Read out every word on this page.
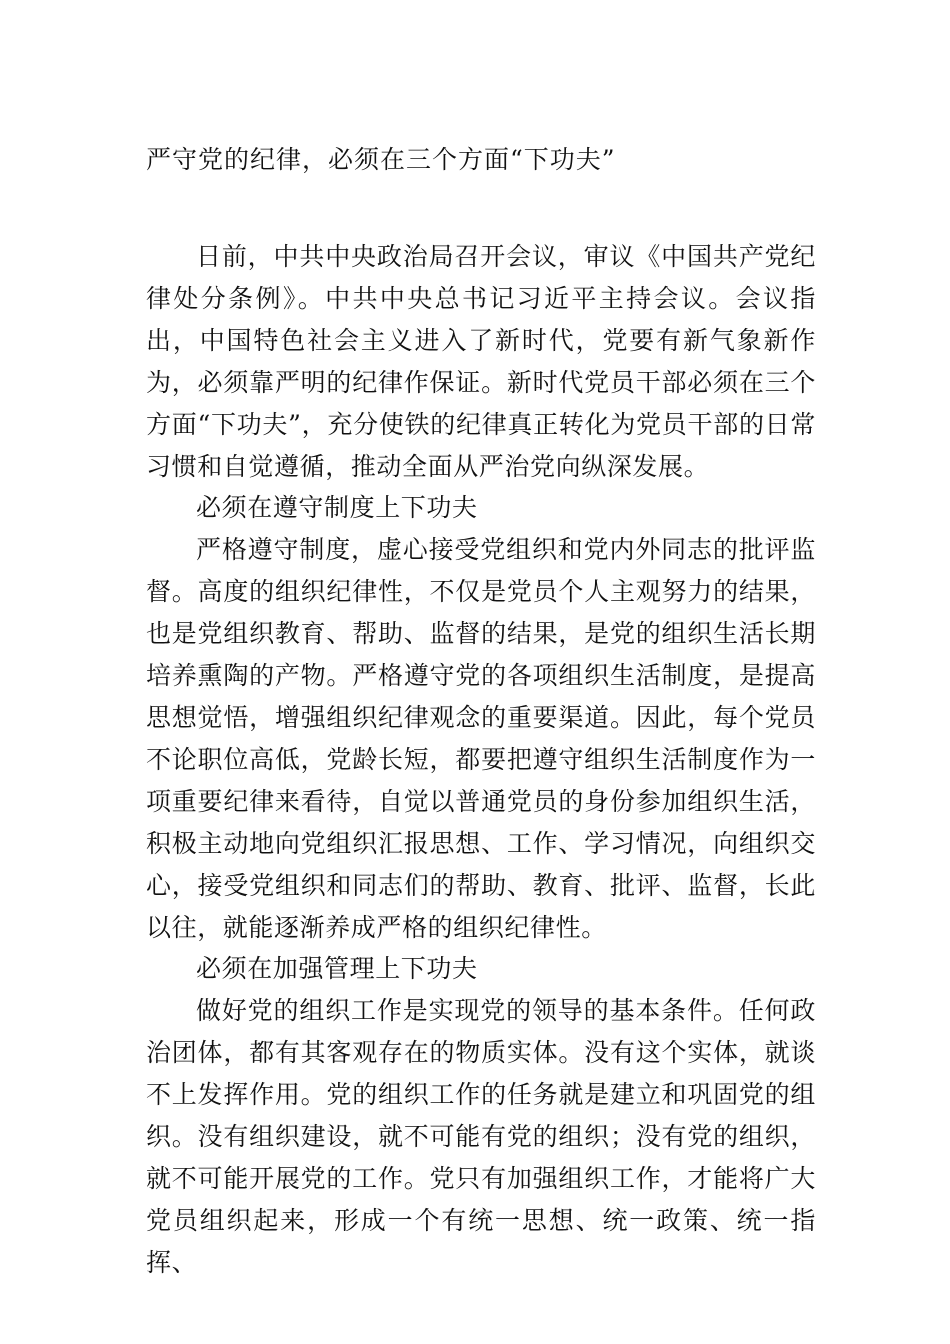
严守党的纪律，必须在三个方面“下功夫”

日前，中共中央政治局召开会议，审议《中国共产党纪律处分条例》。中共中央总书记习近平主持会议。会议指出，中国特色社会主义进入了新时代，党要有新气象新作为，必须靠严明的纪律作保证。新时代党员干部必须在三个方面“下功夫”，充分使铁的纪律真正转化为党员干部的日常习惯和自觉遵循，推动全面从严治党向纵深发展。

必须在遵守制度上下功夫

严格遵守制度，虚心接受党组织和党内外同志的批评监督。高度的组织纪律性，不仅是党员个人主观努力的结果，也是党组织教育、帮助、监督的结果，是党的组织生活长期培养熏陶的产物。严格遵守党的各项组织生活制度，是提高思想觉悟，增强组织纪律观念的重要渠道。因此，每个党员不论职位高低，党龄长短，都要把遵守组织生活制度作为一项重要纪律来看待，自觉以普通党员的身份参加组织生活，积极主动地向党组织汇报思想、工作、学习情况，向组织交心，接受党组织和同志们的帮助、教育、批评、监督，长此以往，就能逐渐养成严格的组织纪律性。

必须在加强管理上下功夫

做好党的组织工作是实现党的领导的基本条件。任何政治团体，都有其客观存在的物质实体。没有这个实体，就谈不上发挥作用。党的组织工作的任务就是建立和巩固党的组织。没有组织建设，就不可能有党的组织；没有党的组织，就不可能开展党的工作。党只有加强组织工作，才能将广大党员组织起来，形成一个有统一思想、统一政策、统一指挥、
